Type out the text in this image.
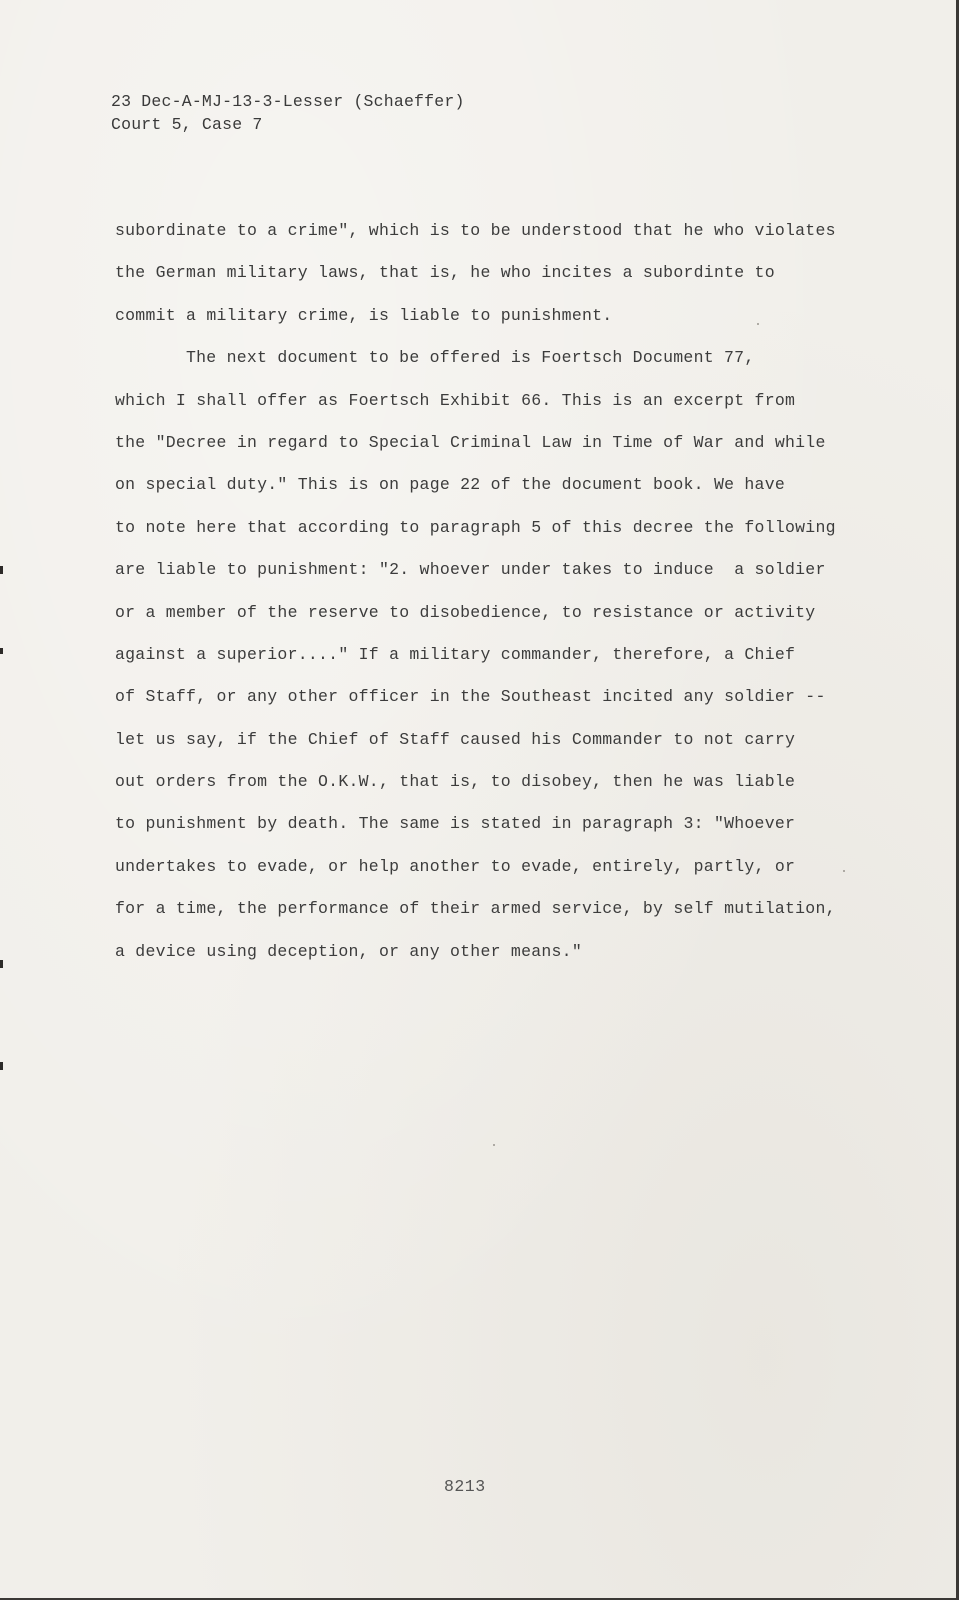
23 Dec-A-MJ-13-3-Lesser (Schaeffer)
Court 5, Case 7
subordinate to a crime", which is to be understood that he who violates
the German military laws, that is, he who incites a subordinte to
commit a military crime, is liable to punishment.
The next document to be offered is Foertsch Document 77,
which I shall offer as Foertsch Exhibit 66. This is an excerpt from
the "Decree in regard to Special Criminal Law in Time of War and while
on special duty." This is on page 22 of the document book. We have
to note here that according to paragraph 5 of this decree the following
are liable to punishment: "2. whoever under takes to induce  a soldier
or a member of the reserve to disobedience, to resistance or activity
against a superior...." If a military commander, therefore, a Chief
of Staff, or any other officer in the Southeast incited any soldier --
let us say, if the Chief of Staff caused his Commander to not carry
out orders from the O.K.W., that is, to disobey, then he was liable
to punishment by death. The same is stated in paragraph 3: "Whoever
undertakes to evade, or help another to evade, entirely, partly, or
for a time, the performance of their armed service, by self mutilation,
a device using deception, or any other means."
8213
